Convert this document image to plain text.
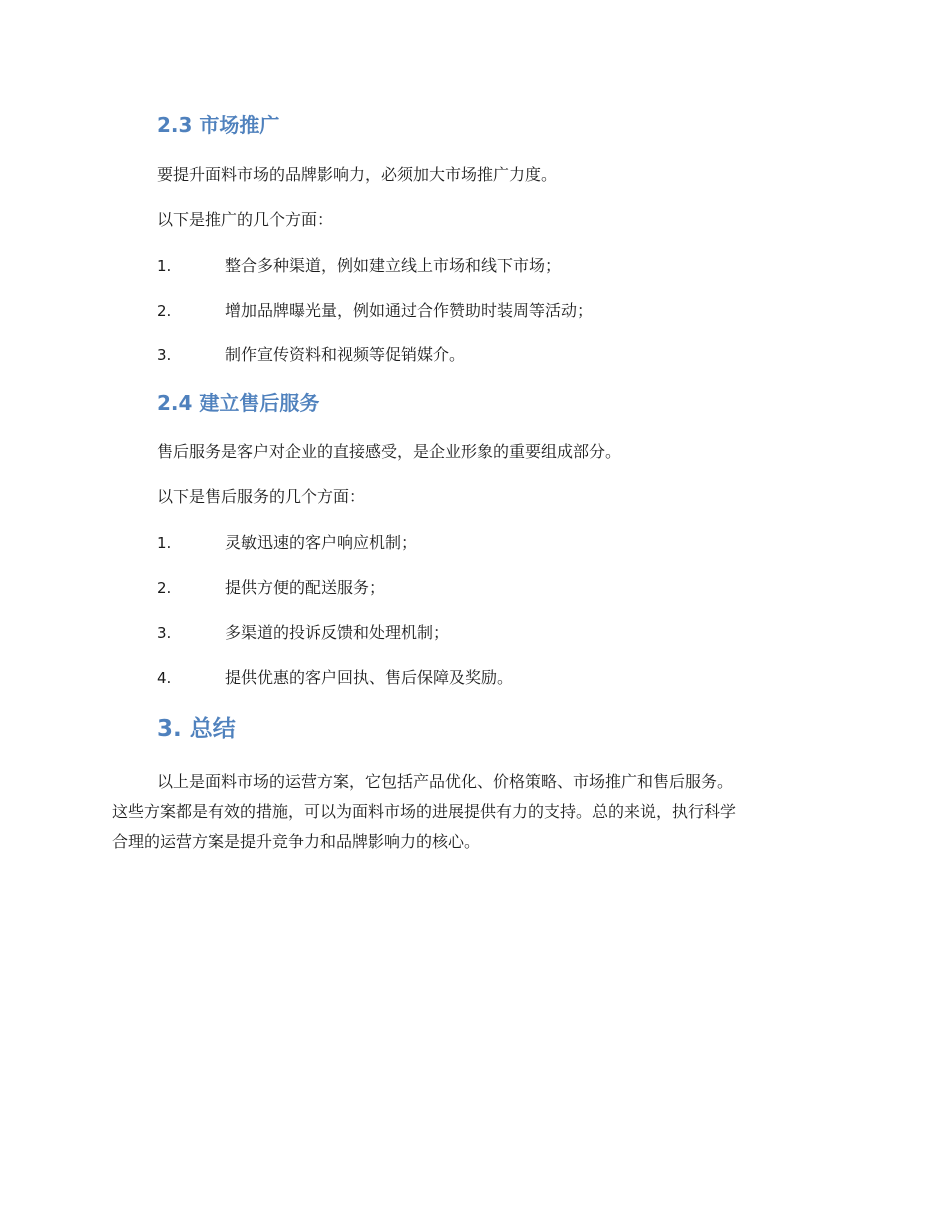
2.3 市场推广

要提升面料市场的品牌影响力，必须加大市场推广力度。

以下是推广的几个方面：

1.	整合多种渠道，例如建立线上市场和线下市场；

2.	增加品牌曝光量，例如通过合作赞助时装周等活动；

3.	制作宣传资料和视频等促销媒介。

2.4 建立售后服务

售后服务是客户对企业的直接感受，是企业形象的重要组成部分。

以下是售后服务的几个方面：

1.	灵敏迅速的客户响应机制；

2.	提供方便的配送服务；

3.	多渠道的投诉反馈和处理机制；

4.	提供优惠的客户回执、售后保障及奖励。

3. 总结

以上是面料市场的运营方案，它包括产品优化、价格策略、市场推广和售后服务。
这些方案都是有效的措施，可以为面料市场的进展提供有力的支持。总的来说，执行科学
合理的运营方案是提升竞争力和品牌影响力的核心。
